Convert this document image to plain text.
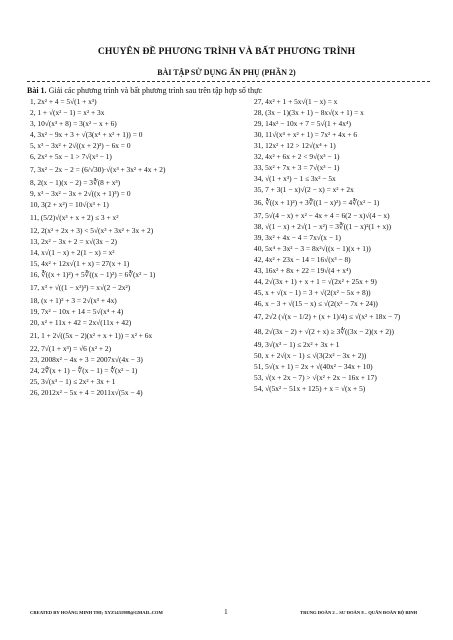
CHUYÊN ĐỀ PHƯƠNG TRÌNH VÀ BẤT PHƯƠNG TRÌNH
BÀI TẬP SỬ DỤNG ẨN PHỤ (PHẦN 2)
Bài 1. Giải các phương trình và bất phương trình sau trên tập hợp số thực
1, 2x² + 4 = 5√(1 + x³)
2, 1 + √(x² − 1) = x² + 3x
3, 10√(x³ + 8) = 3(x² − x + 6)
4, 3x² − 9x + 3 + √(3(x⁴ + x² + 1)) = 0
5, x³ − 3x² + 2√((x + 2)³) − 6x = 0
6, 2x² + 5x − 1 > 7√(x³ − 1)
7, 3x² − 2x − 2 = (6/√30)·√(x³ + 3x² + 4x + 2)
8, 2(x − 1)(x − 2) = 3∛(8 + x³)
9, x³ − 3x² − 3x + 2√((x + 1)³) = 0
10, 3(2 + x²) = 10√(x³ + 1)
11, (5/2)√(x³ + x + 2) ≤ 3 + x²
12, 2(x² + 2x + 3) < 5√(x³ + 3x² + 3x + 2)
13, 2x² − 3x + 2 = x√(3x − 2)
14, x√(1 − x) + 2(1 − x) = x²
15, 4x² + 12x√(1 + x) = 27(x + 1)
16, ∛((x + 1)²) + 5∛((x − 1)²) = 6∛(x² − 1)
17, x³ + √((1 − x²)³) = x√(2 − 2x²)
18, (x + 1)² + 3 = 2√(x³ + 4x)
19, 7x² − 10x + 14 = 5√(x⁴ + 4)
20, x² + 11x + 42 = 2x√(11x + 42)
21, 1 + 2√((5x − 2)(x² + x + 1)) = x² + 6x
22, 7√(1 + x³) = √6 (x² + 2)
23, 2008x² − 4x + 3 = 2007x√(4x − 3)
24, 2∜(x + 1) − ∜(x − 1) = ∜(x² − 1)
25, 3√(x³ − 1) ≤ 2x² + 3x + 1
26, 2012x² − 5x + 4 = 2011x√(5x − 4)
27, 4x² + 1 + 5x√(1 − x) = x
28, (3x − 1)(3x + 1) − 8x√(x + 1) = x
29, 14x² − 10x + 7 = 5√(1 + 4x⁴)
30, 11√(x⁴ + x² + 1) = 7x² + 4x + 6
31, 12x² + 12 > 12√(x⁴ + 1)
32, 4x² + 6x + 2 < 9√(x³ − 1)
33, 5x² + 7x + 3 = 7√(x³ − 1)
34, √(1 + x³) − 1 ≤ 3x² − 5x
35, 7 + 3(1 − x)√(2 − x) = x² + 2x
36, ∛((x + 1)²) + 3∛((1 − x)²) = 4∛(x² − 1)
37, 5√(4 − x) + x² − 4x + 4 = 6(2 − x)√(4 − x)
38, √(1 − x) + 2√(1 − x²) = 3∛((1 − x)²(1 + x))
39, 3x² + 4x − 4 = 7x√(x − 1)
40, 5x⁴ + 3x² − 3 = 8x²√((x − 1)(x + 1))
42, 4x² + 23x − 14 = 16√(x³ − 8)
43, 16x² + 8x + 22 = 19√(4 + x⁴)
44, 2√(3x + 1) + x + 1 = √(2x² + 25x + 9)
45, x + √(x − 1) = 3 + √(2(x² − 5x + 8))
46, x − 3 + √(15 − x) ≤ √(2(x² − 7x + 24))
47, 2√2 (√(x − 1/2) + (x + 1)/4) ≤ √(x² + 18x − 7)
48, 2√(3x − 2) + √(2 + x) ≥ 3∜((3x − 2)(x + 2))
49, 3√(x³ − 1) ≤ 2x² + 3x + 1
50, x + 2√(x − 1) ≤ √(3(2x² − 3x + 2))
51, 5√(x + 1) = 2x + √(40x² − 34x + 10)
53, √(x + 2x − 7) > √(x² + 2x − 16x + 17)
54, √(5x² − 51x + 125) + x = √(x + 5)
CREATED BY HOÀNG MINH THI; XYZ1431988@GMAIL.COM	1	TRUNG ĐOÀN 2 – SƯ ĐOÀN 8 – QUÂN ĐOÀN BỘ BINH
